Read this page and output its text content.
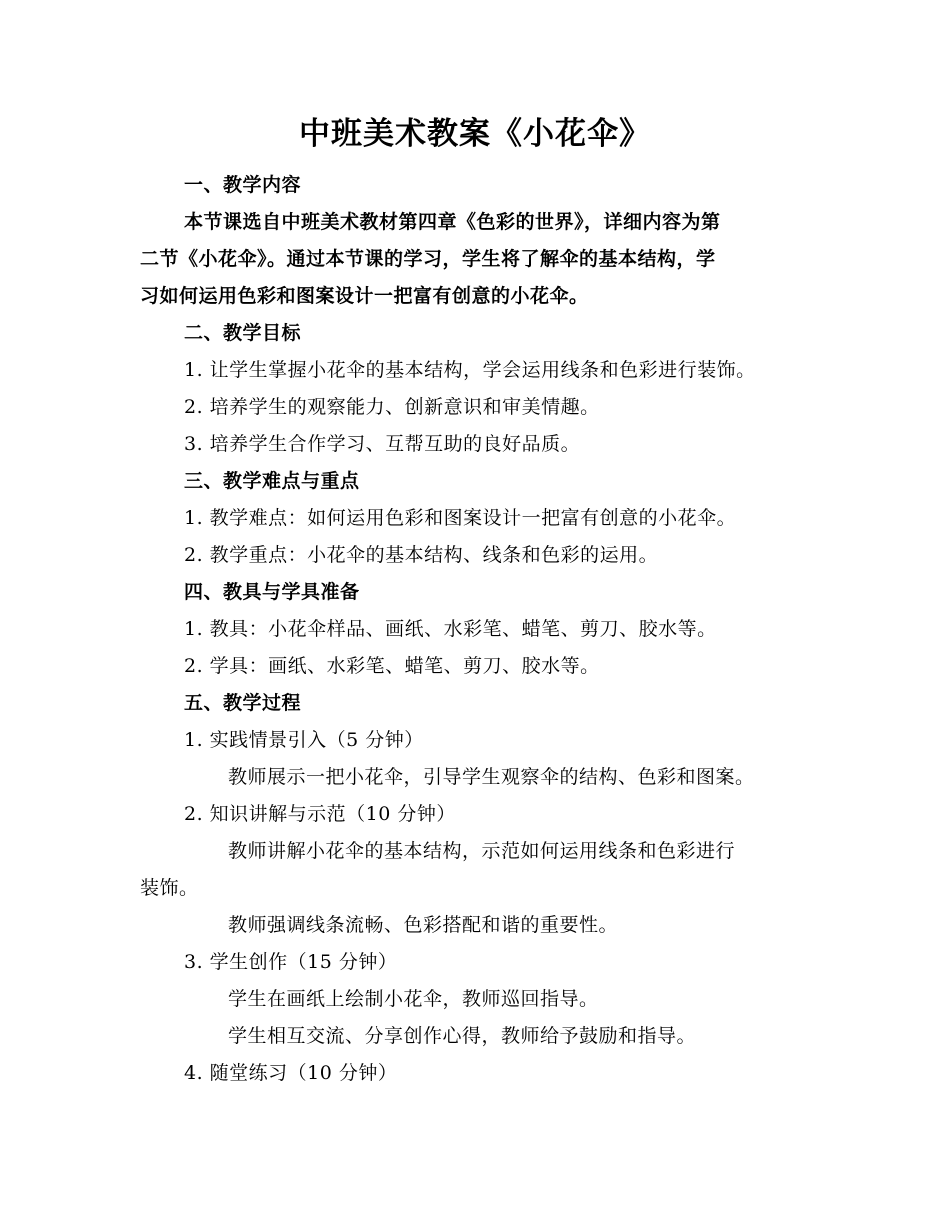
中班美术教案《小花伞》
一、教学内容
本节课选自中班美术教材第四章《色彩的世界》，详细内容为第
二节《小花伞》。通过本节课的学习，学生将了解伞的基本结构，学
习如何运用色彩和图案设计一把富有创意的小花伞。
二、教学目标
1. 让学生掌握小花伞的基本结构，学会运用线条和色彩进行装饰。
2. 培养学生的观察能力、创新意识和审美情趣。
3. 培养学生合作学习、互帮互助的良好品质。
三、教学难点与重点
1. 教学难点：如何运用色彩和图案设计一把富有创意的小花伞。
2. 教学重点：小花伞的基本结构、线条和色彩的运用。
四、教具与学具准备
1. 教具：小花伞样品、画纸、水彩笔、蜡笔、剪刀、胶水等。
2. 学具：画纸、水彩笔、蜡笔、剪刀、胶水等。
五、教学过程
1. 实践情景引入（5 分钟）
教师展示一把小花伞，引导学生观察伞的结构、色彩和图案。
2. 知识讲解与示范（10 分钟）
教师讲解小花伞的基本结构，示范如何运用线条和色彩进行
装饰。
教师强调线条流畅、色彩搭配和谐的重要性。
3. 学生创作（15 分钟）
学生在画纸上绘制小花伞，教师巡回指导。
学生相互交流、分享创作心得，教师给予鼓励和指导。
4. 随堂练习（10 分钟）
